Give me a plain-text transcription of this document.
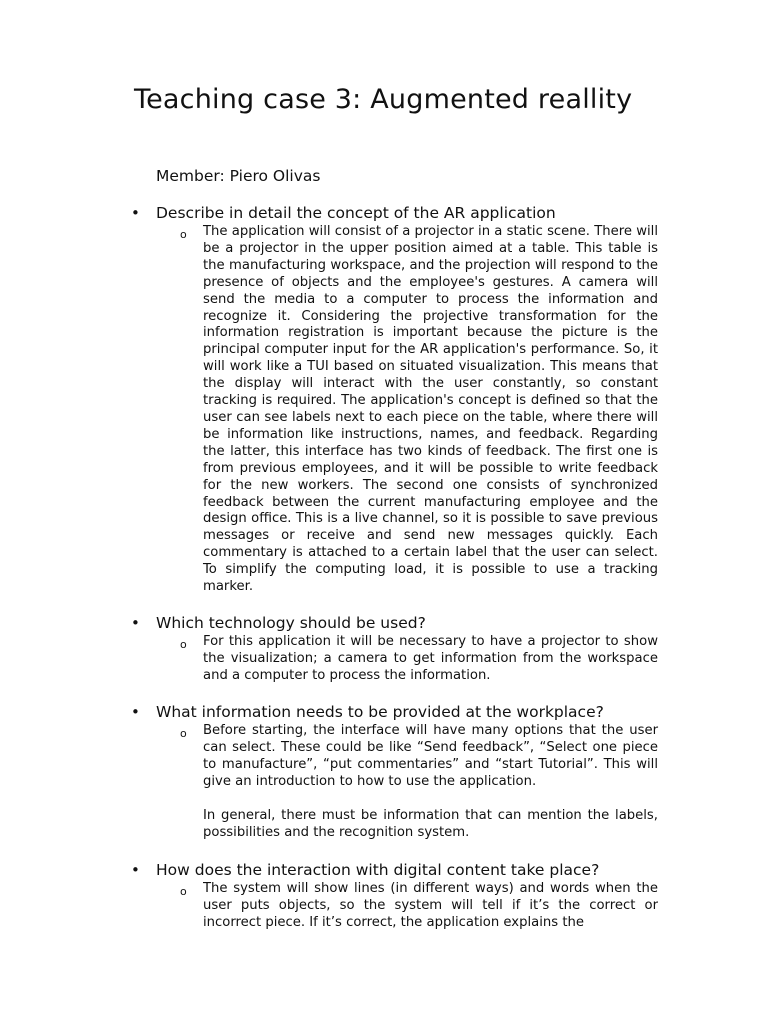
Teaching case 3: Augmented reallity

Member: Piero Olivas

• Describe in detail the concept of the AR application

o The application will consist of a projector in a static scene. There will be a projector in the upper position aimed at a table. This table is the manufacturing workspace, and the projection will respond to the presence of objects and the employee's gestures. A camera will send the media to a computer to process the information and recognize it. Considering the projective transformation for the information registration is important because the picture is the principal computer input for the AR application's performance. So, it will work like a TUI based on situated visualization. This means that the display will interact with the user constantly, so constant tracking is required. The application's concept is defined so that the user can see labels next to each piece on the table, where there will be information like instructions, names, and feedback. Regarding the latter, this interface has two kinds of feedback. The first one is from previous employees, and it will be possible to write feedback for the new workers. The second one consists of synchronized feedback between the current manufacturing employee and the design office. This is a live channel, so it is possible to save previous messages or receive and send new messages quickly. Each commentary is attached to a certain label that the user can select. To simplify the computing load, it is possible to use a tracking marker.

• Which technology should be used?

o For this application it will be necessary to have a projector to show the visualization; a camera to get information from the workspace and a computer to process the information.

• What information needs to be provided at the workplace?

o Before starting, the interface will have many options that the user can select. These could be like “Send feedback”, “Select one piece to manufacture”, “put commentaries” and “start Tutorial”. This will give an introduction to how to use the application.

In general, there must be information that can mention the labels, possibilities and the recognition system.

• How does the interaction with digital content take place?

o The system will show lines (in different ways) and words when the user puts objects, so the system will tell if it’s the correct or incorrect piece. If it’s correct, the application explains the
